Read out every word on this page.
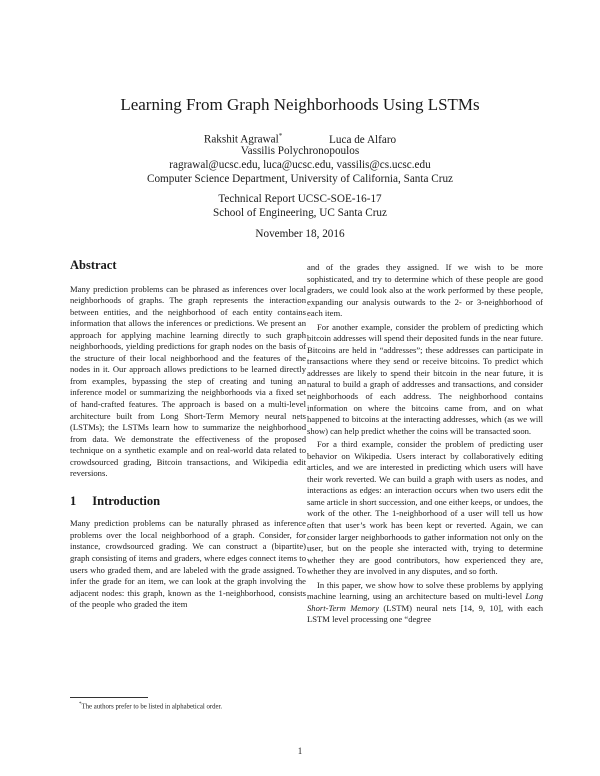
Learning From Graph Neighborhoods Using LSTMs
Rakshit Agrawal*	Luca de Alfaro
Vassilis Polychronopoulos
ragrawal@ucsc.edu, luca@ucsc.edu, vassilis@cs.ucsc.edu
Computer Science Department, University of California, Santa Cruz
Technical Report UCSC-SOE-16-17
School of Engineering, UC Santa Cruz
November 18, 2016
Abstract

Many prediction problems can be phrased as inferences over local neighborhoods of graphs. The graph represents the interaction between entities, and the neighborhood of each entity contains information that allows the inferences or predictions. We present an approach for applying machine learning directly to such graph neighborhoods, yielding predictions for graph nodes on the basis of the structure of their local neighborhood and the features of the nodes in it. Our approach allows predictions to be learned directly from examples, bypassing the step of creating and tuning an inference model or summarizing the neighborhoods via a fixed set of hand-crafted features. The approach is based on a multi-level architecture built from Long Short-Term Memory neural nets (LSTMs); the LSTMs learn how to summarize the neighborhood from data. We demonstrate the effectiveness of the proposed technique on a synthetic example and on real-world data related to crowdsourced grading, Bitcoin transactions, and Wikipedia edit reversions.

1 Introduction

Many prediction problems can be naturally phrased as inference problems over the local neighborhood of a graph. Consider, for instance, crowdsourced grading. We can construct a (bipartite) graph consisting of items and graders, where edges connect items to users who graded them, and are labeled with the grade assigned. To infer the grade for an item, we can look at the graph involving the adjacent nodes: this graph, known as the 1-neighborhood, consists of the people who graded the item

and of the grades they assigned. If we wish to be more sophisticated, and try to determine which of these people are good graders, we could look also at the work performed by these people, expanding our analysis outwards to the 2- or 3-neighborhood of each item.

For another example, consider the problem of predicting which bitcoin addresses will spend their deposited funds in the near future. Bitcoins are held in “addresses”; these addresses can participate in transactions where they send or receive bitcoins. To predict which addresses are likely to spend their bitcoin in the near future, it is natural to build a graph of addresses and transactions, and consider neighborhoods of each address. The neighborhood contains information on where the bitcoins came from, and on what happened to bitcoins at the interacting addresses, which (as we will show) can help predict whether the coins will be transacted soon.

For a third example, consider the problem of predicting user behavior on Wikipedia. Users interact by collaboratively editing articles, and we are interested in predicting which users will have their work reverted. We can build a graph with users as nodes, and interactions as edges: an interaction occurs when two users edit the same article in short succession, and one either keeps, or undoes, the work of the other. The 1-neighborhood of a user will tell us how often that user’s work has been kept or reverted. Again, we can consider larger neighborhoods to gather information not only on the user, but on the people she interacted with, trying to determine whether they are good contributors, how experienced they are, whether they are involved in any disputes, and so forth.

In this paper, we show how to solve these problems by applying machine learning, using an architecture based on multi-level Long Short-Term Memory (LSTM) neural nets [14, 9, 10], with each LSTM level processing one “degree

*The authors prefer to be listed in alphabetical order.
1
